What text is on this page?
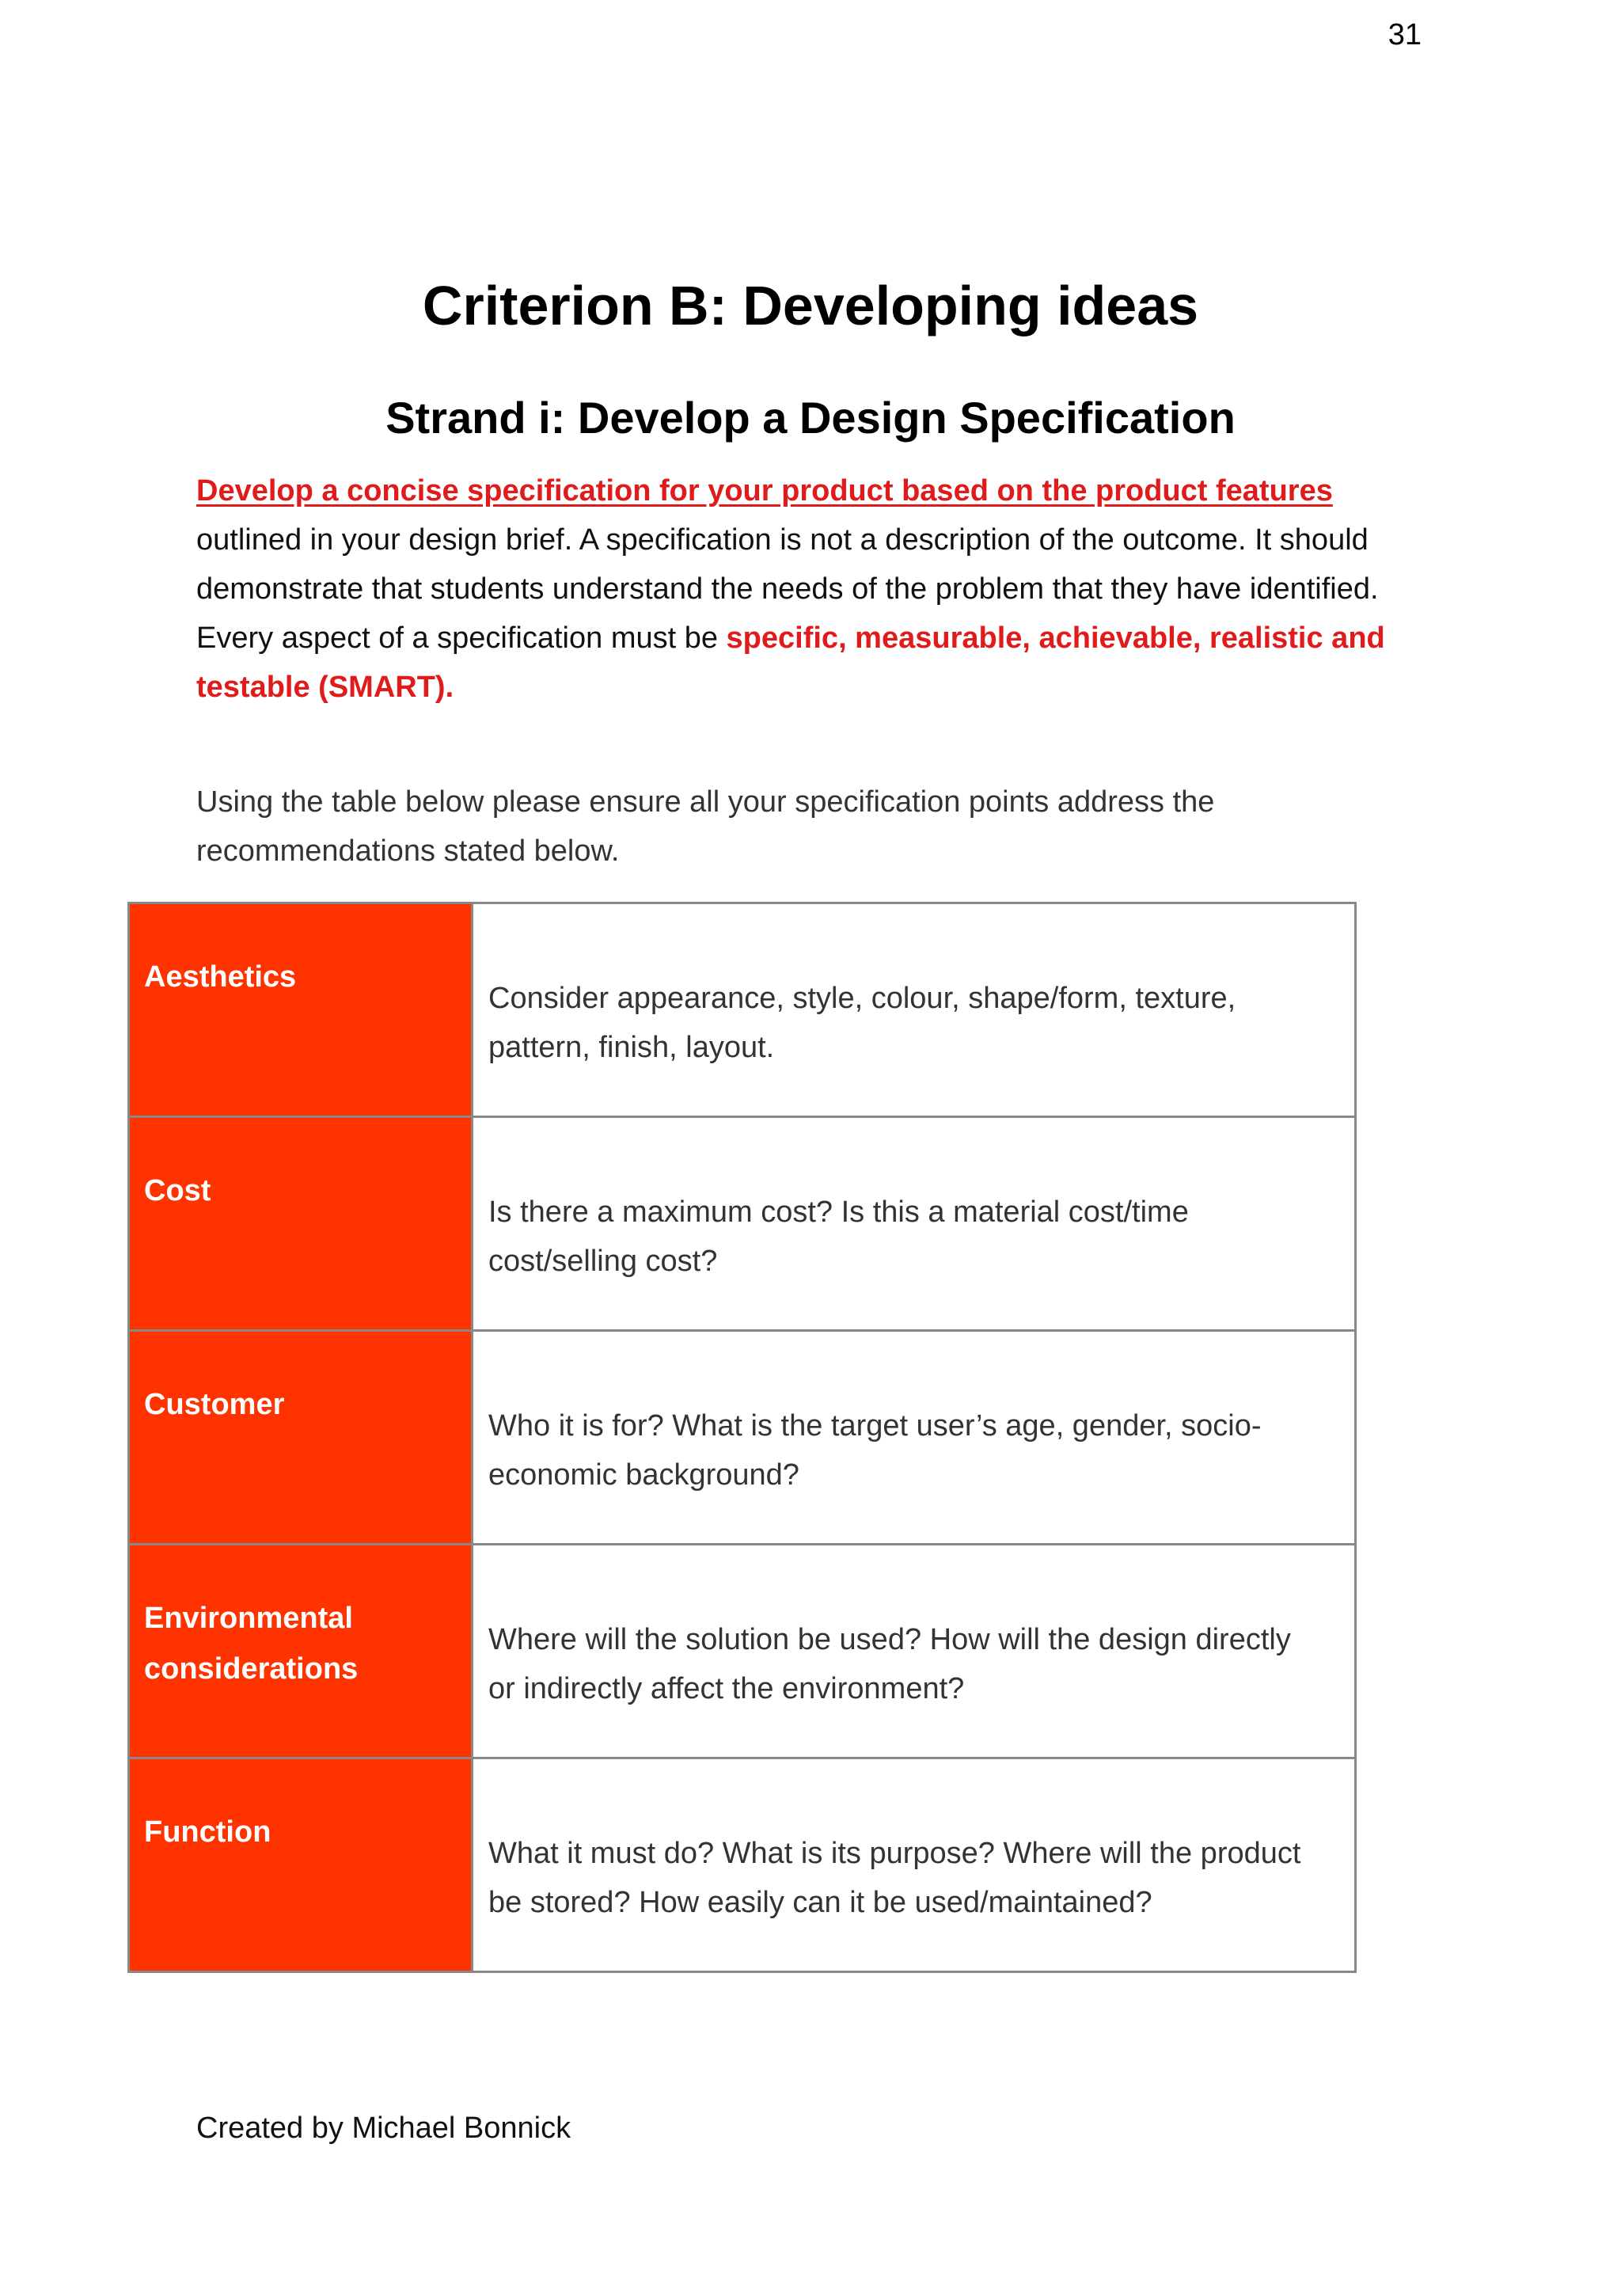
31
Criterion B: Developing ideas
Strand i: Develop a Design Specification

Develop a concise specification for your product based on the product features outlined in your design brief. A specification is not a description of the outcome. It should demonstrate that students understand the needs of the problem that they have identified. Every aspect of a specification must be specific, measurable, achievable, realistic and testable (SMART).

Using the table below please ensure all your specification points address the recommendations stated below.

Aesthetics	Consider appearance, style, colour, shape/form, texture, pattern, finish, layout.
Cost	Is there a maximum cost? Is this a material cost/time cost/selling cost?
Customer	Who it is for? What is the target user’s age, gender, socio-economic background?
Environmental considerations	Where will the solution be used? How will the design directly or indirectly affect the environment?
Function	What it must do? What is its purpose? Where will the product be stored? How easily can it be used/maintained?
Created by Michael Bonnick
